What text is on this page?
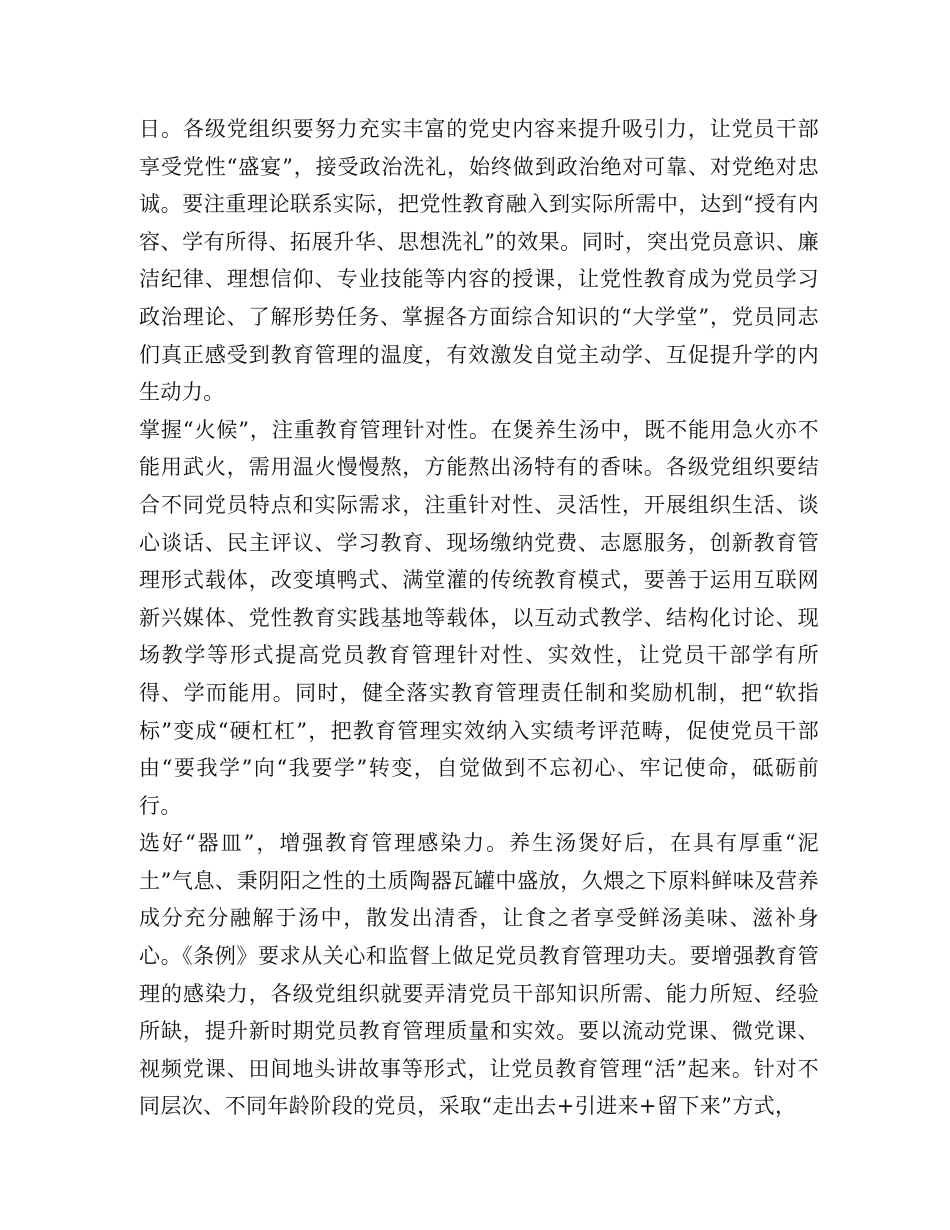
日。各级党组织要努力充实丰富的党史内容来提升吸引力，让党员干部享受党性“盛宴”，接受政治洗礼，始终做到政治绝对可靠、对党绝对忠诚。要注重理论联系实际，把党性教育融入到实际所需中，达到“授有内容、学有所得、拓展升华、思想洗礼”的效果。同时，突出党员意识、廉洁纪律、理想信仰、专业技能等内容的授课，让党性教育成为党员学习政治理论、了解形势任务、掌握各方面综合知识的“大学堂”，党员同志们真正感受到教育管理的温度，有效激发自觉主动学、互促提升学的内生动力。

掌握“火候”，注重教育管理针对性。在煲养生汤中，既不能用急火亦不能用武火，需用温火慢慢熬，方能熬出汤特有的香味。各级党组织要结合不同党员特点和实际需求，注重针对性、灵活性，开展组织生活、谈心谈话、民主评议、学习教育、现场缴纳党费、志愿服务，创新教育管理形式载体，改变填鸭式、满堂灌的传统教育模式，要善于运用互联网新兴媒体、党性教育实践基地等载体，以互动式教学、结构化讨论、现场教学等形式提高党员教育管理针对性、实效性，让党员干部学有所得、学而能用。同时，健全落实教育管理责任制和奖励机制，把“软指标”变成“硬杠杠”，把教育管理实效纳入实绩考评范畴，促使党员干部由“要我学”向“我要学”转变，自觉做到不忘初心、牢记使命，砥砺前行。

选好“器皿”，增强教育管理感染力。养生汤煲好后，在具有厚重“泥土”气息、秉阴阳之性的土质陶器瓦罐中盛放，久煨之下原料鲜味及营养成分充分融解于汤中，散发出清香，让食之者享受鲜汤美味、滋补身心。《条例》要求从关心和监督上做足党员教育管理功夫。要增强教育管理的感染力，各级党组织就要弄清党员干部知识所需、能力所短、经验所缺，提升新时期党员教育管理质量和实效。要以流动党课、微党课、视频党课、田间地头讲故事等形式，让党员教育管理“活”起来。针对不同层次、不同年龄阶段的党员，采取“走出去+引进来+留下来”方式，
